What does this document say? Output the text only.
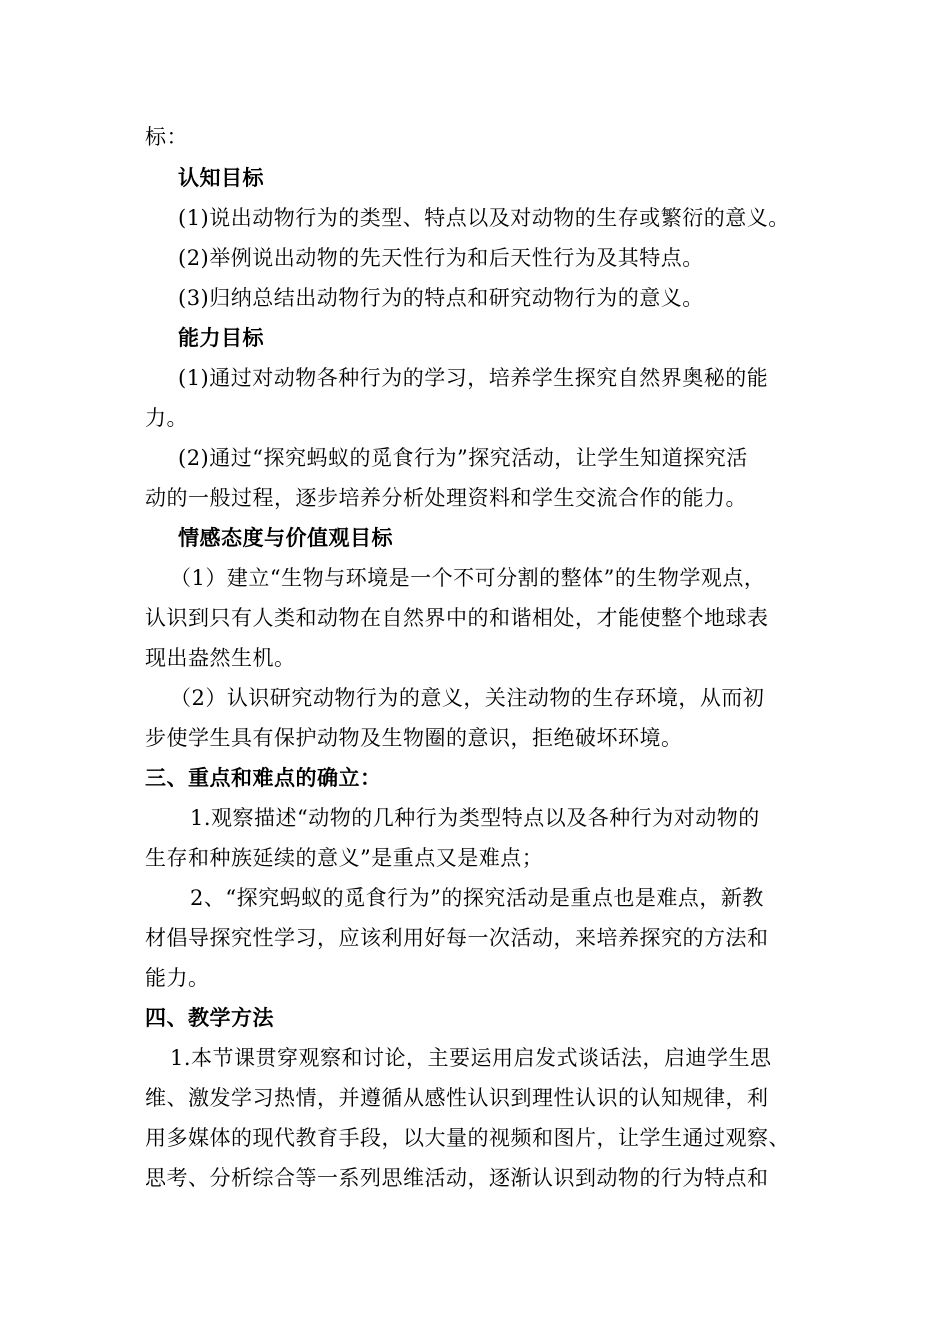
标：
认知目标
(1)说出动物行为的类型、特点以及对动物的生存或繁衍的意义。
(2)举例说出动物的先天性行为和后天性行为及其特点。
(3)归纳总结出动物行为的特点和研究动物行为的意义。
能力目标
(1)通过对动物各种行为的学习，培养学生探究自然界奥秘的能
力。
(2)通过“探究蚂蚁的觅食行为”探究活动，让学生知道探究活
动的一般过程，逐步培养分析处理资料和学生交流合作的能力。
情感态度与价值观目标
（1）建立“生物与环境是一个不可分割的整体”的生物学观点，
认识到只有人类和动物在自然界中的和谐相处，才能使整个地球表
现出盎然生机。
（2）认识研究动物行为的意义，关注动物的生存环境，从而初
步使学生具有保护动物及生物圈的意识，拒绝破坏环境。
三、重点和难点的确立：
1.观察描述“动物的几种行为类型特点以及各种行为对动物的
生存和种族延续的意义”是重点又是难点；
2、“探究蚂蚁的觅食行为”的探究活动是重点也是难点，新教
材倡导探究性学习，应该利用好每一次活动，来培养探究的方法和
能力。
四、教学方法
1.本节课贯穿观察和讨论，主要运用启发式谈话法，启迪学生思
维、激发学习热情，并遵循从感性认识到理性认识的认知规律，利
用多媒体的现代教育手段，以大量的视频和图片，让学生通过观察、
思考、分析综合等一系列思维活动，逐渐认识到动物的行为特点和
